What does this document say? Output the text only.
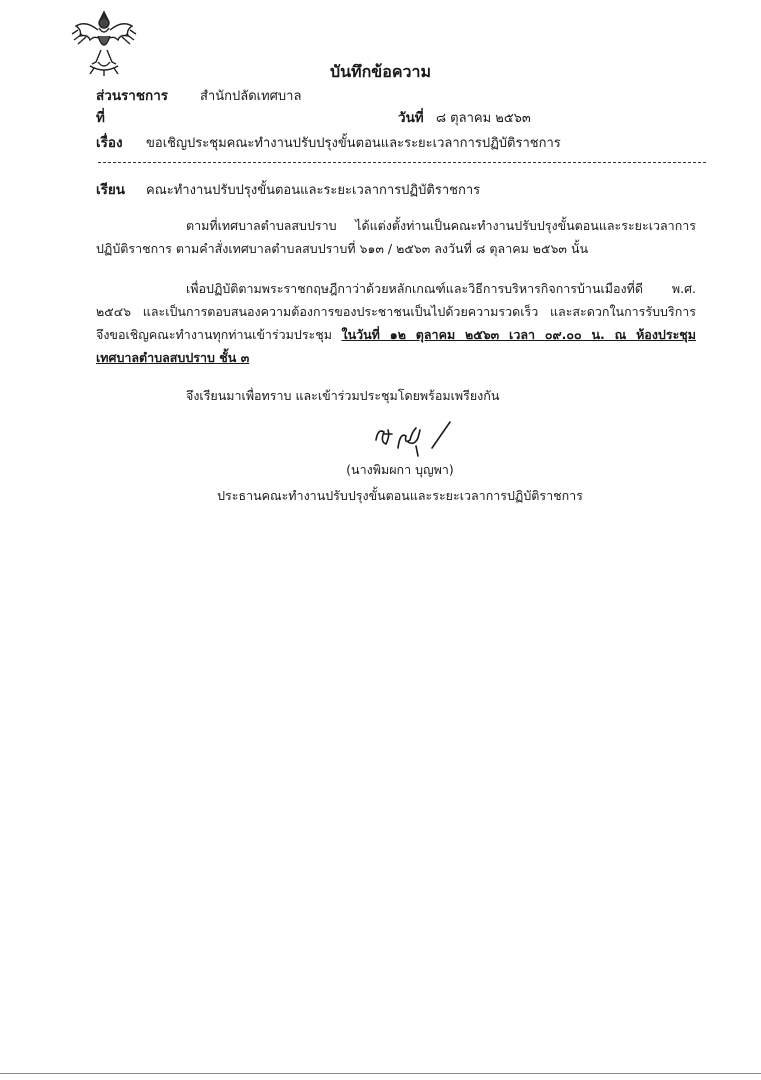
บันทึกข้อความ
ส่วนราชการ สำนักปลัดเทศบาล
ที่	วันที่ ๘ ตุลาคม ๒๕๖๓
เรื่อง ขอเชิญประชุมคณะทำงานปรับปรุงขั้นตอนและระยะเวลาการปฏิบัติราชการ
เรียน คณะทำงานปรับปรุงขั้นตอนและระยะเวลาการปฏิบัติราชการ
ตามที่เทศบาลตำบลสบปราบ ได้แต่งตั้งท่านเป็นคณะทำงานปรับปรุงขั้นตอนและระยะเวลาการ
ปฏิบัติราชการ ตามคำสั่งเทศบาลตำบลสบปราบที่ ๖๑๓ / ๒๕๖๓ ลงวันที่ ๘ ตุลาคม ๒๕๖๓ นั้น
เพื่อปฏิบัติตามพระราชกฤษฎีกาว่าด้วยหลักเกณฑ์และวิธีการบริหารกิจการบ้านเมืองที่ดี พ.ศ.
๒๕๔๖ และเป็นการตอบสนองความต้องการของประชาชนเป็นไปด้วยความรวดเร็ว และสะดวกในการรับบริการ
จึงขอเชิญคณะทำงานทุกท่านเข้าร่วมประชุม ในวันที่ ๑๒ ตุลาคม ๒๕๖๓ เวลา ๐๙.๐๐ น. ณ ห้องประชุม
เทศบาลตำบลสบปราบ ชั้น ๓
จึงเรียนมาเพื่อทราบ และเข้าร่วมประชุมโดยพร้อมเพรียงกัน
(นางพิมผกา บุญพา)
ประธานคณะทำงานปรับปรุงขั้นตอนและระยะเวลาการปฏิบัติราชการ
